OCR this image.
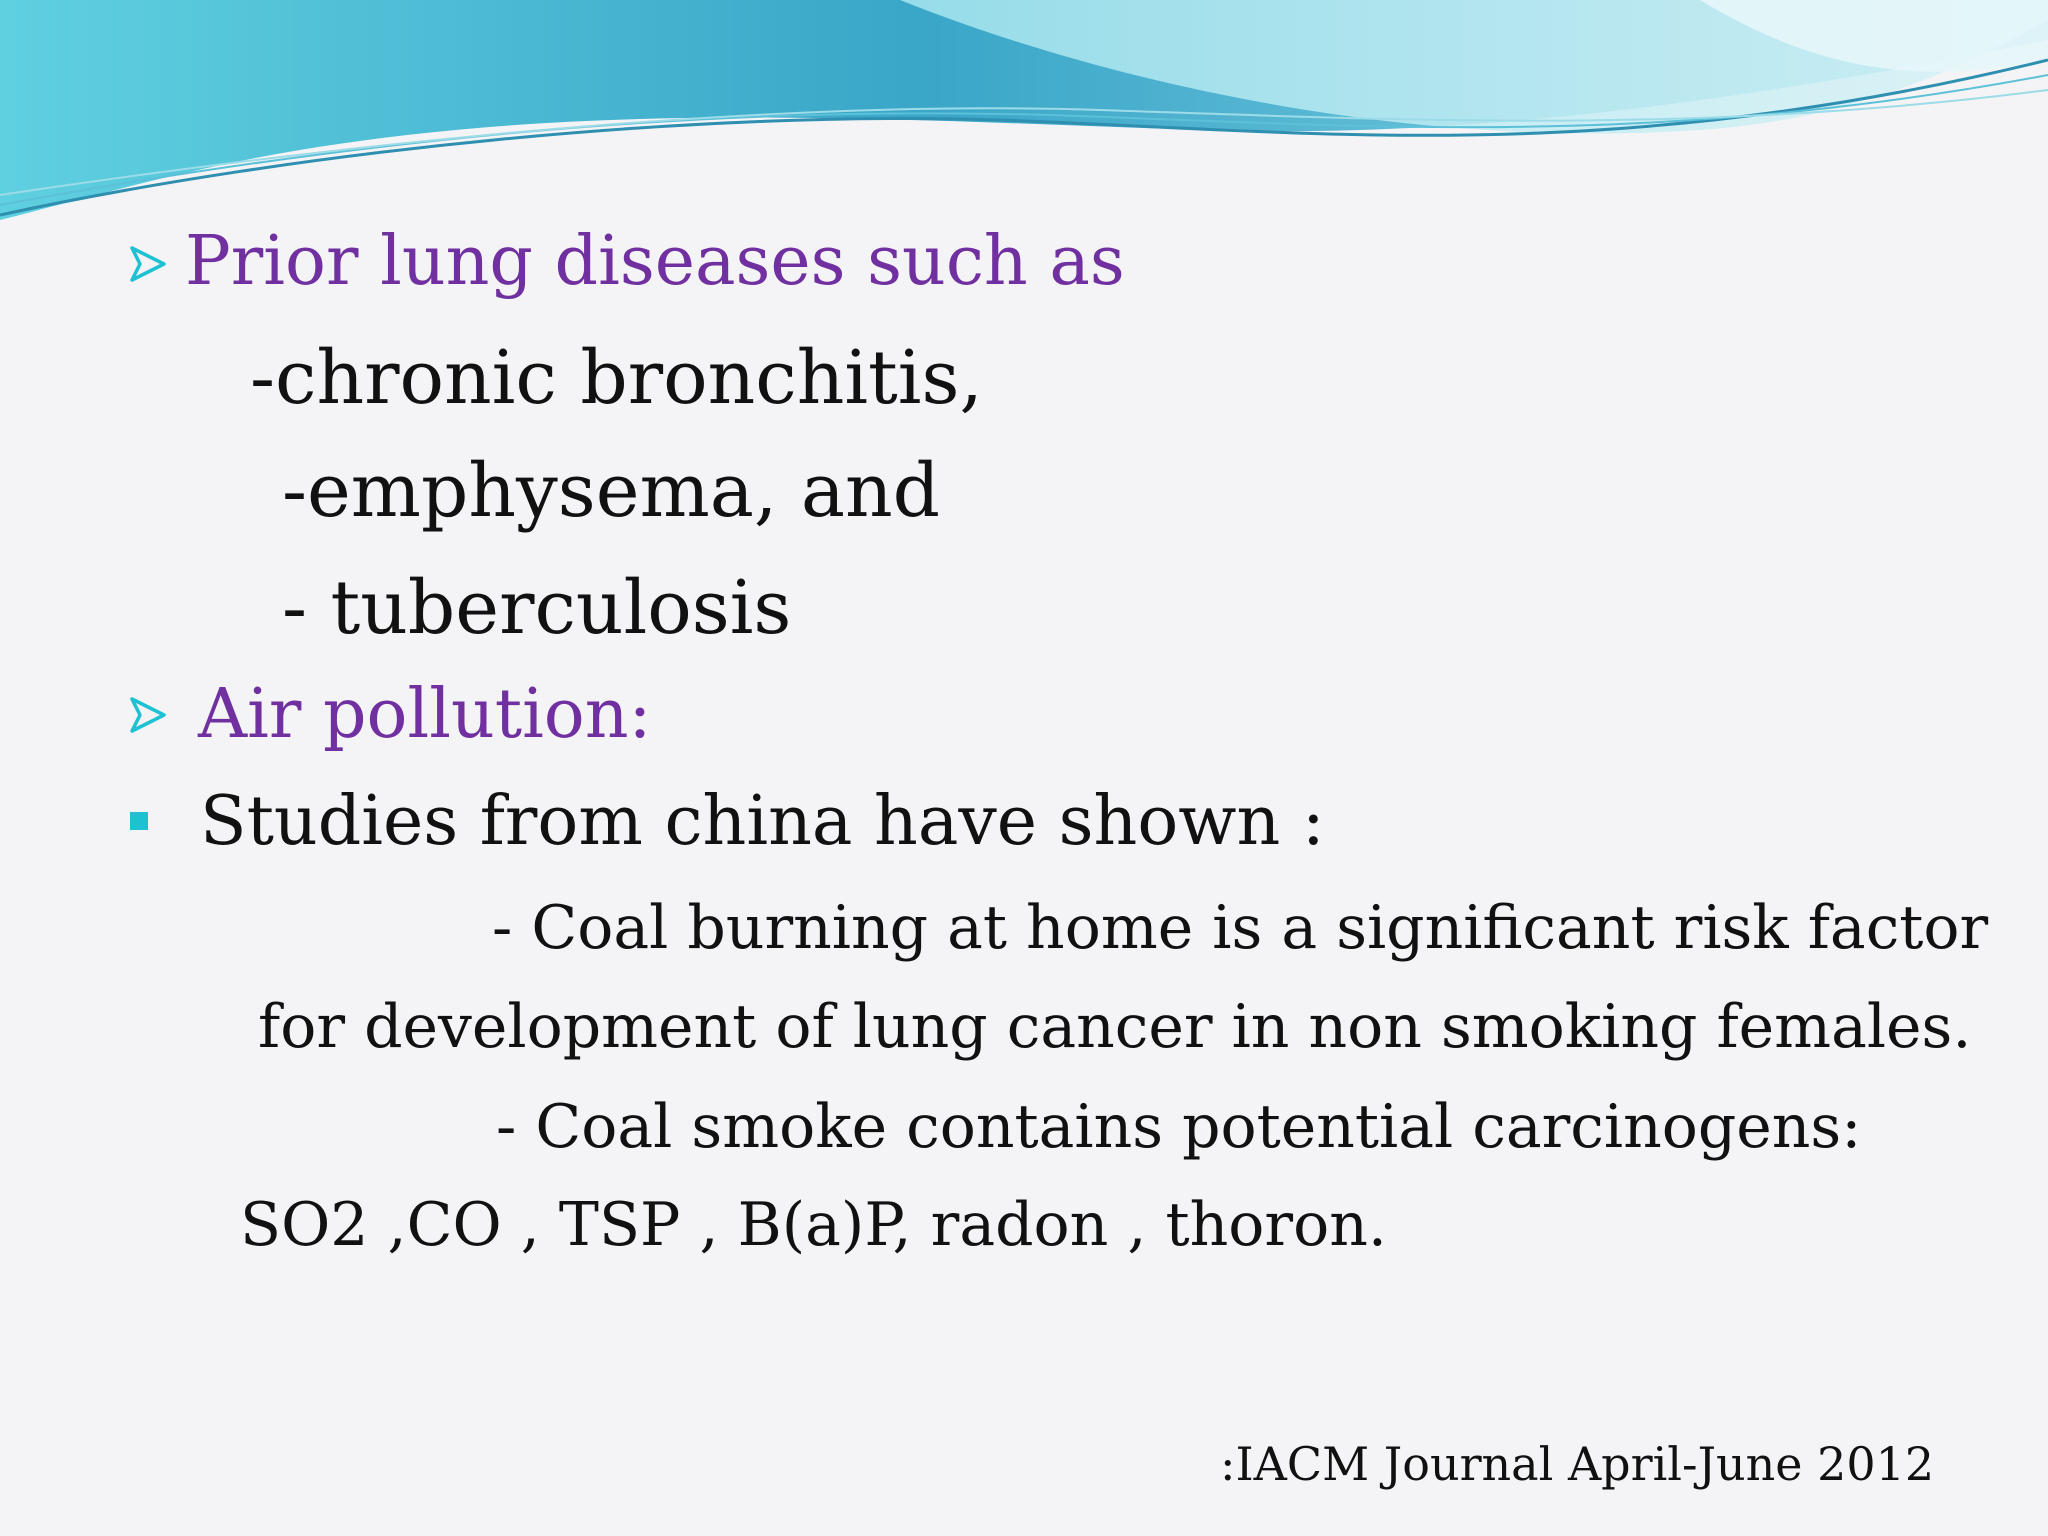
Prior lung diseases such as

-chronic bronchitis,

-emphysema, and

- tuberculosis

Air pollution:

Studies from china have shown :

- Coal burning at home is a significant risk factor

for development of lung cancer in non smoking females.

- Coal smoke contains potential carcinogens:

SO2 ,CO , TSP , B(a)P, radon , thoron.

:IACM Journal April-June 2012
